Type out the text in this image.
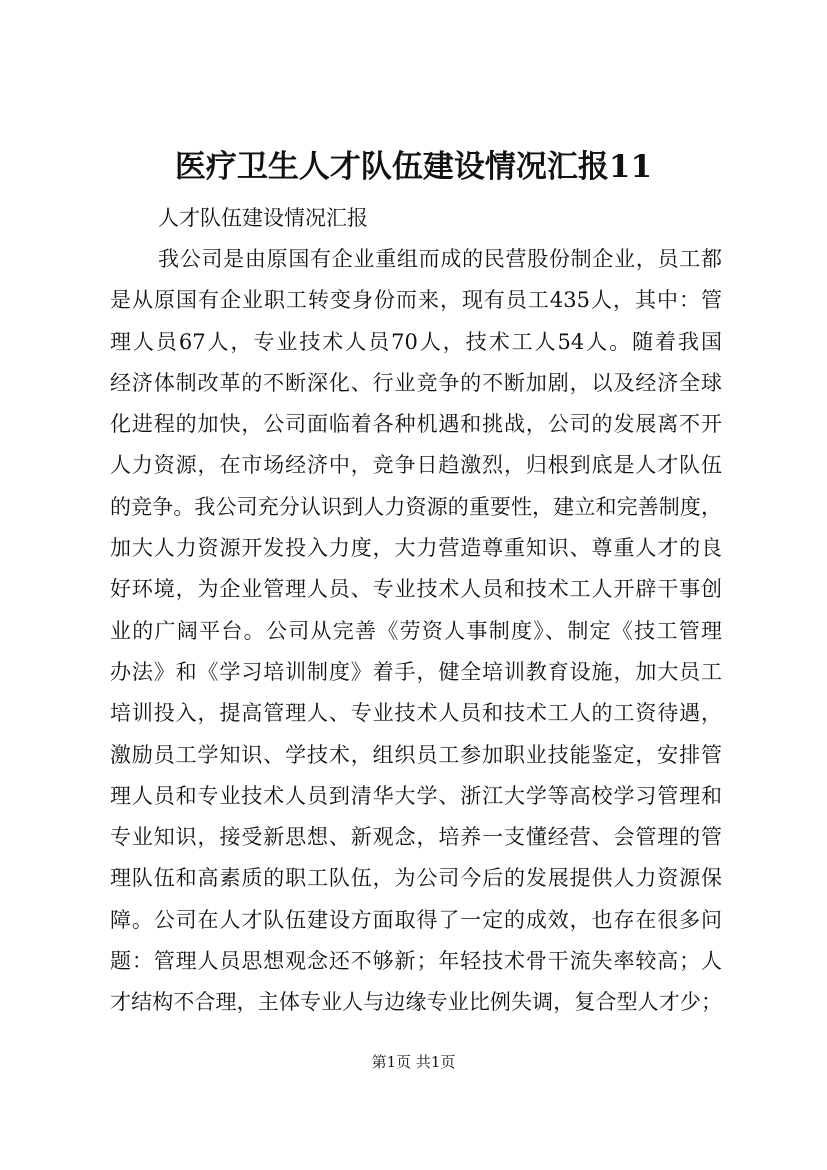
医疗卫生人才队伍建设情况汇报11
人才队伍建设情况汇报
我公司是由原国有企业重组而成的民营股份制企业，员工都
是从原国有企业职工转变身份而来，现有员工435人，其中：管
理人员67人，专业技术人员70人，技术工人54人。随着我国
经济体制改革的不断深化、行业竞争的不断加剧，以及经济全球
化进程的加快，公司面临着各种机遇和挑战，公司的发展离不开
人力资源，在市场经济中，竞争日趋激烈，归根到底是人才队伍
的竞争。我公司充分认识到人力资源的重要性，建立和完善制度，
加大人力资源开发投入力度，大力营造尊重知识、尊重人才的良
好环境，为企业管理人员、专业技术人员和技术工人开辟干事创
业的广阔平台。公司从完善《劳资人事制度》、制定《技工管理
办法》和《学习培训制度》着手，健全培训教育设施，加大员工
培训投入，提高管理人、专业技术人员和技术工人的工资待遇，
激励员工学知识、学技术，组织员工参加职业技能鉴定，安排管
理人员和专业技术人员到清华大学、浙江大学等高校学习管理和
专业知识，接受新思想、新观念，培养一支懂经营、会管理的管
理队伍和高素质的职工队伍，为公司今后的发展提供人力资源保
障。公司在人才队伍建设方面取得了一定的成效，也存在很多问
题：管理人员思想观念还不够新；年轻技术骨干流失率较高；人
才结构不合理，主体专业人与边缘专业比例失调，复合型人才少；
第1页 共1页
